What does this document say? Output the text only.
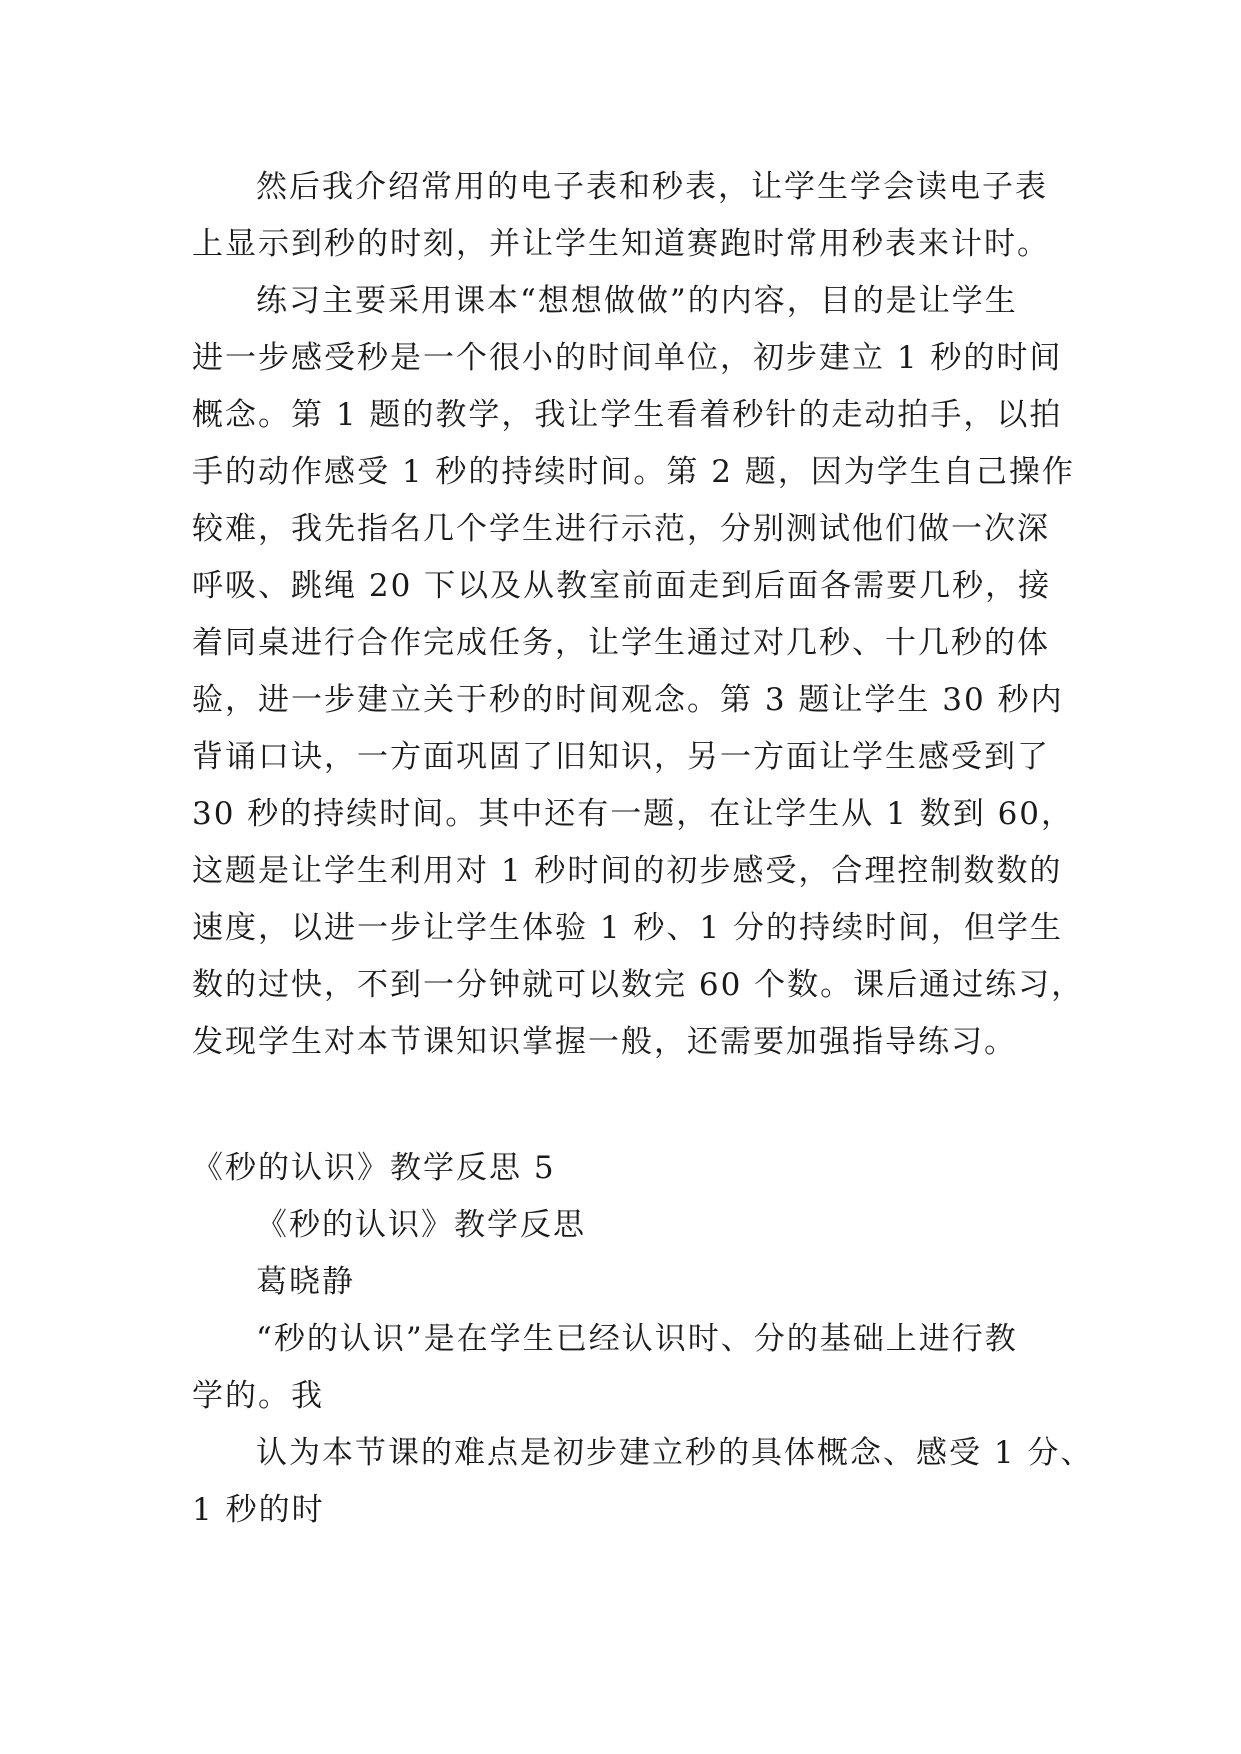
然后我介绍常用的电子表和秒表，让学生学会读电子表
上显示到秒的时刻，并让学生知道赛跑时常用秒表来计时。
练习主要采用课本“想想做做”的内容，目的是让学生
进一步感受秒是一个很小的时间单位，初步建立 1 秒的时间
概念。第 1 题的教学，我让学生看着秒针的走动拍手，以拍
手的动作感受 1 秒的持续时间。第 2 题，因为学生自己操作
较难，我先指名几个学生进行示范，分别测试他们做一次深
呼吸、跳绳 20 下以及从教室前面走到后面各需要几秒，接
着同桌进行合作完成任务，让学生通过对几秒、十几秒的体
验，进一步建立关于秒的时间观念。第 3 题让学生 30 秒内
背诵口诀，一方面巩固了旧知识，另一方面让学生感受到了
30 秒的持续时间。其中还有一题，在让学生从 1 数到 60，
这题是让学生利用对 1 秒时间的初步感受，合理控制数数的
速度，以进一步让学生体验 1 秒、1 分的持续时间，但学生
数的过快，不到一分钟就可以数完 60 个数。课后通过练习，
发现学生对本节课知识掌握一般，还需要加强指导练习。
《秒的认识》教学反思 5
《秒的认识》教学反思
葛晓静
“秒的认识”是在学生已经认识时、分的基础上进行教
学的。我
认为本节课的难点是初步建立秒的具体概念、感受 1 分、
1 秒的时
